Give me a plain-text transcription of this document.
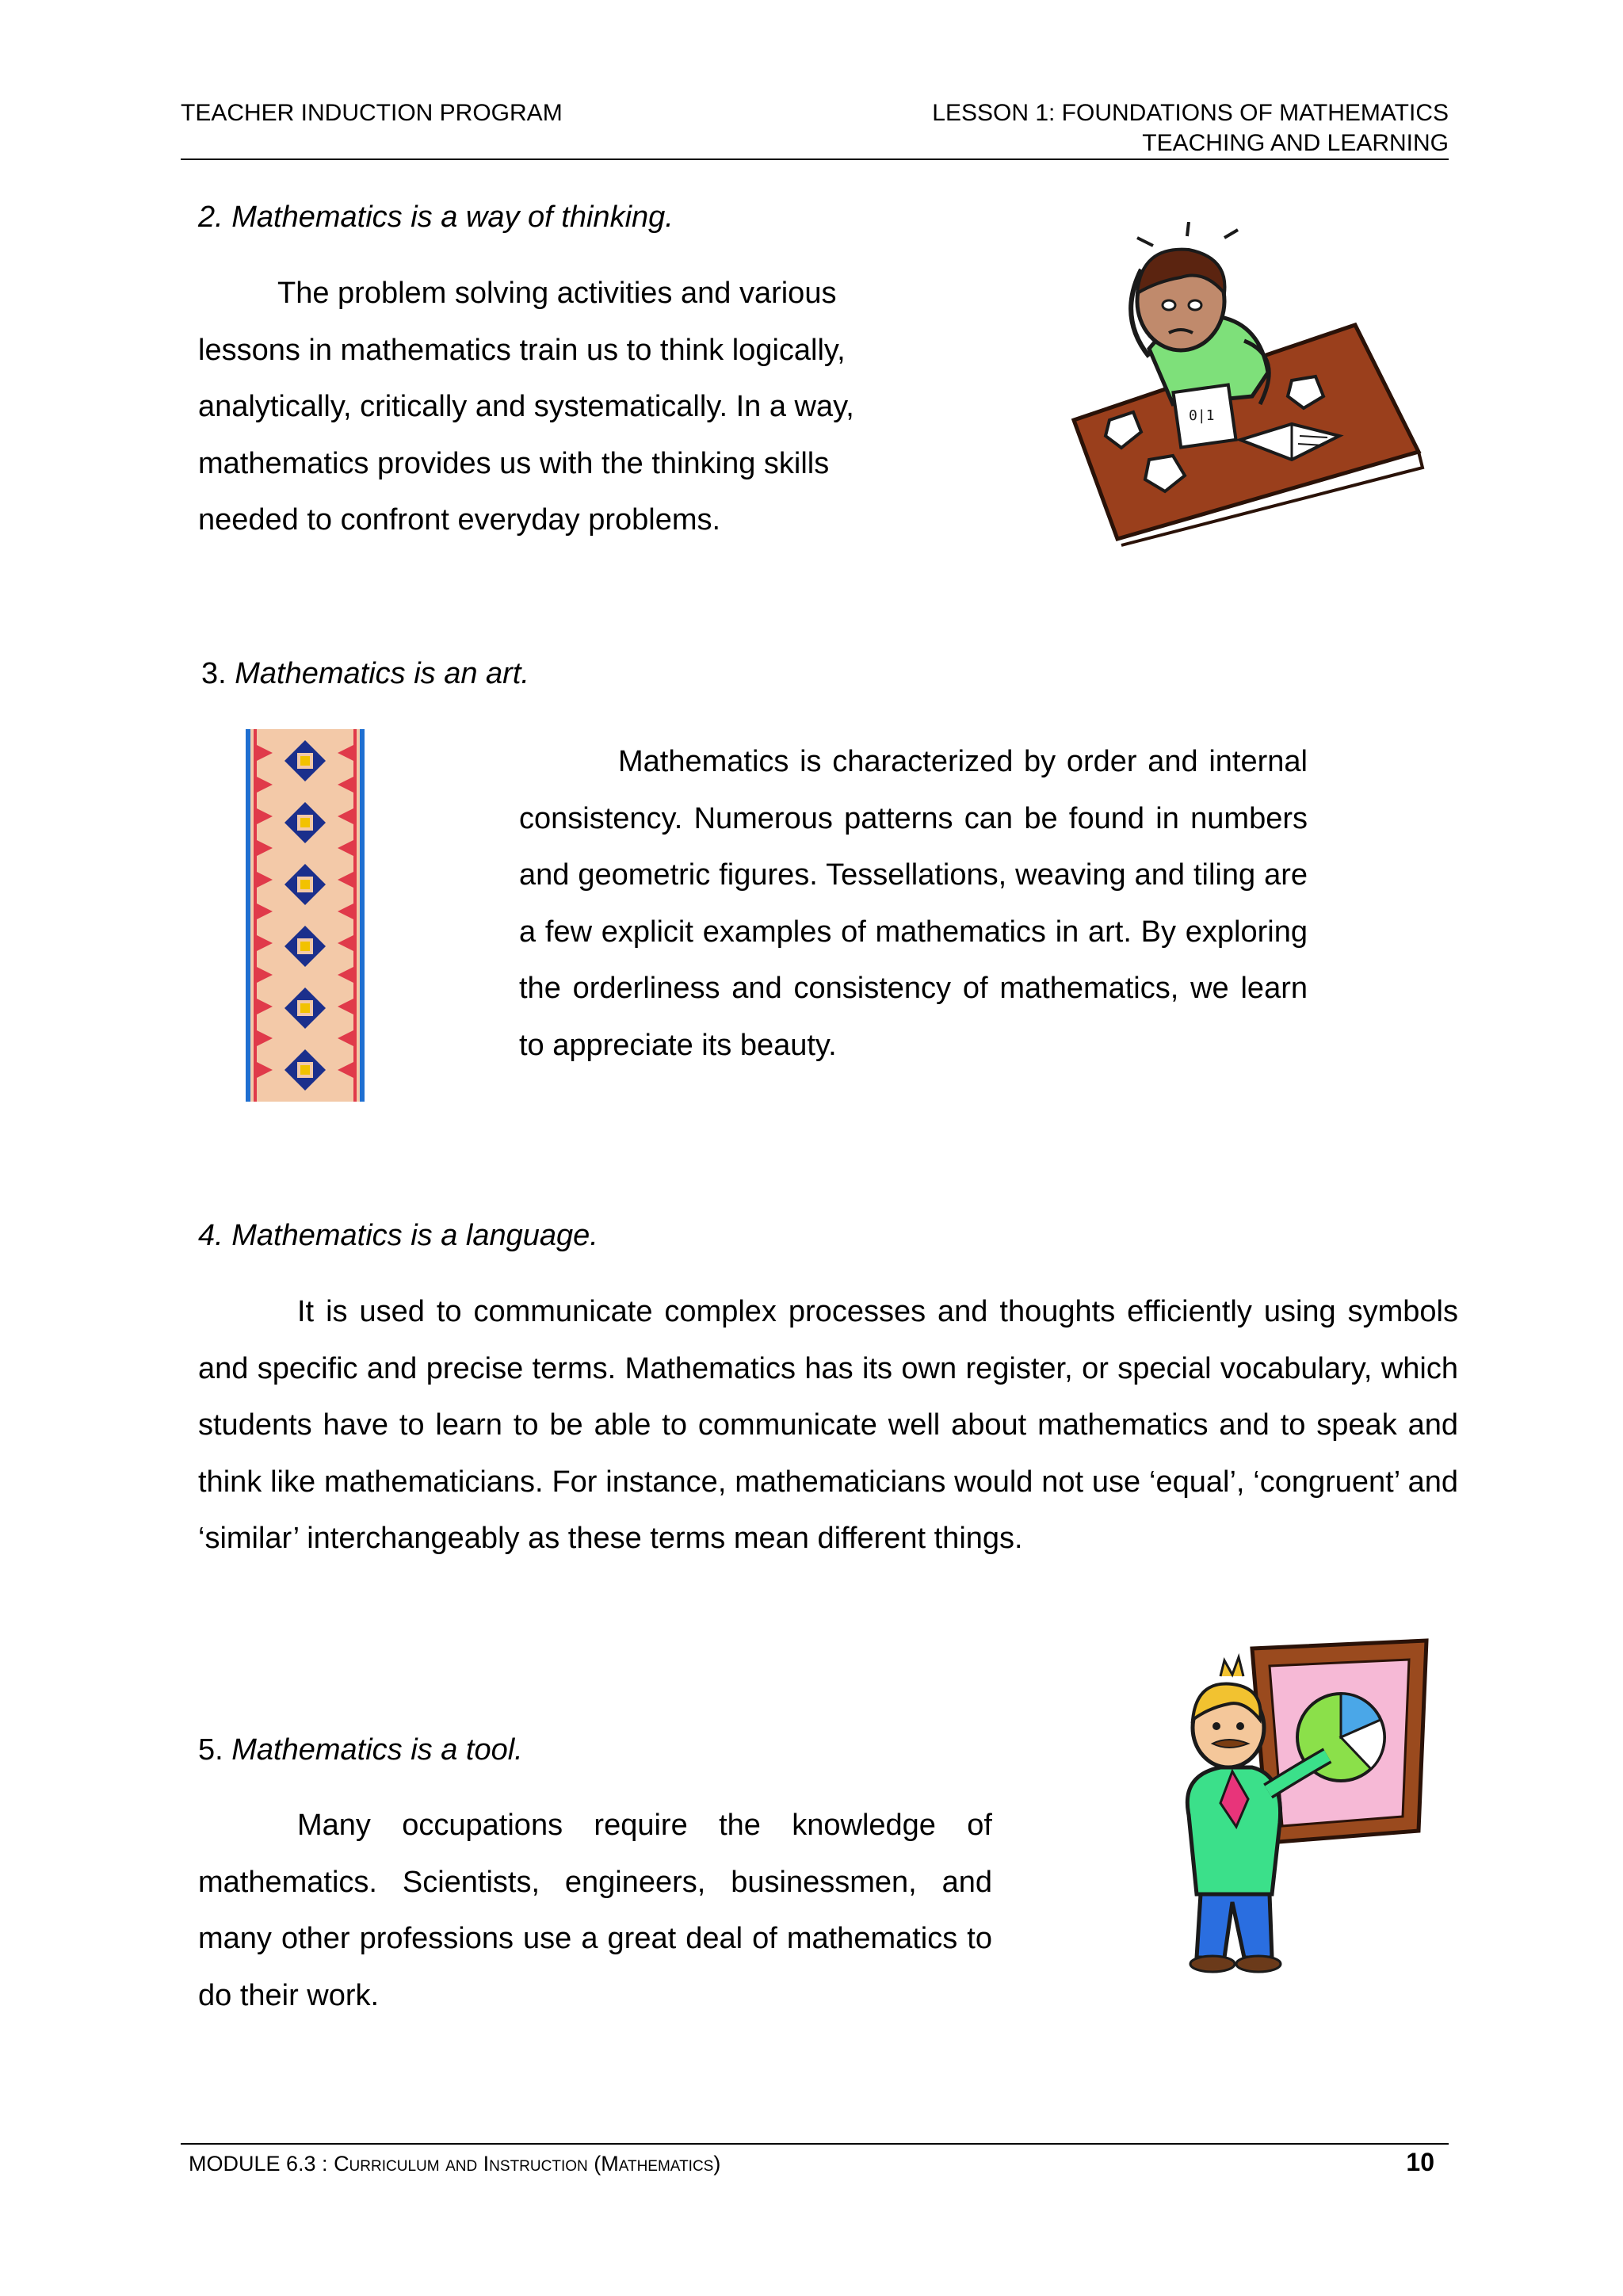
TEACHER INDUCTION PROGRAM	LESSON 1: FOUNDATIONS OF MATHEMATICS
TEACHING AND LEARNING
2. Mathematics is a way of thinking.
The problem solving activities and various
lessons in mathematics train us to think logically,
analytically, critically and systematically. In a way,
mathematics provides us with the thinking skills
needed to confront everyday problems.
0|1
3. Mathematics is an art.
Mathematics is characterized by order and internal consistency. Numerous patterns can be found in numbers and geometric figures. Tessellations, weaving and tiling are a few explicit examples of mathematics in art. By exploring the orderliness and consistency of mathematics, we learn to appreciate its beauty.
4. Mathematics is a language.
It is used to communicate complex processes and thoughts efficiently using symbols and specific and precise terms. Mathematics has its own register, or special vocabulary, which students have to learn to be able to communicate well about mathematics and to speak and think like mathematicians. For instance, mathematicians would not use ‘equal’, ‘congruent’ and ‘similar’ interchangeably as these terms mean different things.
5. Mathematics is a tool.
Many occupations require the knowledge of mathematics. Scientists, engineers, businessmen, and many other professions use a great deal of mathematics to do their work.
MODULE 6.3 : Curriculum and Instruction (Mathematics)	10
